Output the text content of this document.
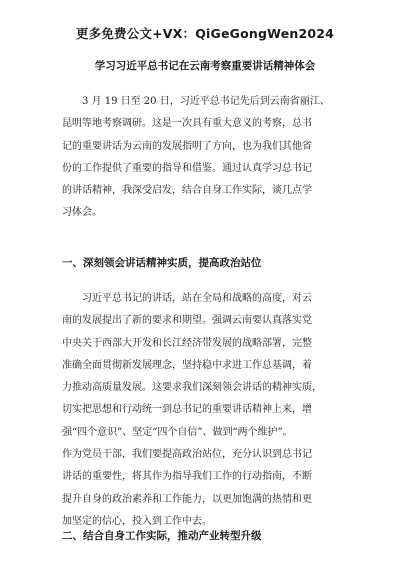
更多免费公文+VX：QiGeGongWen2024
学习习近平总书记在云南考察重要讲话精神体会
3 月 19 日至 20 日，习近平总书记先后到云南省丽江、
昆明等地考察调研。这是一次具有重大意义的考察，总书
记的重要讲话为云南的发展指明了方向，也为我们其他省
份的工作提供了重要的指导和借鉴。通过认真学习总书记
的讲话精神，我深受启发，结合自身工作实际，谈几点学
习体会。
一、深刻领会讲话精神实质，提高政治站位
习近平总书记的讲话，站在全局和战略的高度，对云
南的发展提出了新的要求和期望。强调云南要认真落实党
中央关于西部大开发和长江经济带发展的战略部署，完整
准确全面贯彻新发展理念，坚持稳中求进工作总基调，着
力推动高质量发展。这要求我们深刻领会讲话的精神实质，
切实把思想和行动统一到总书记的重要讲话精神上来，增
强“四个意识”、坚定“四个自信”、做到“两个维护”。
作为党员干部，我们要提高政治站位，充分认识到总书记
讲话的重要性，将其作为指导我们工作的行动指南，不断
提升自身的政治素养和工作能力，以更加饱满的热情和更
加坚定的信心，投入到工作中去。
二、结合自身工作实际，推动产业转型升级
